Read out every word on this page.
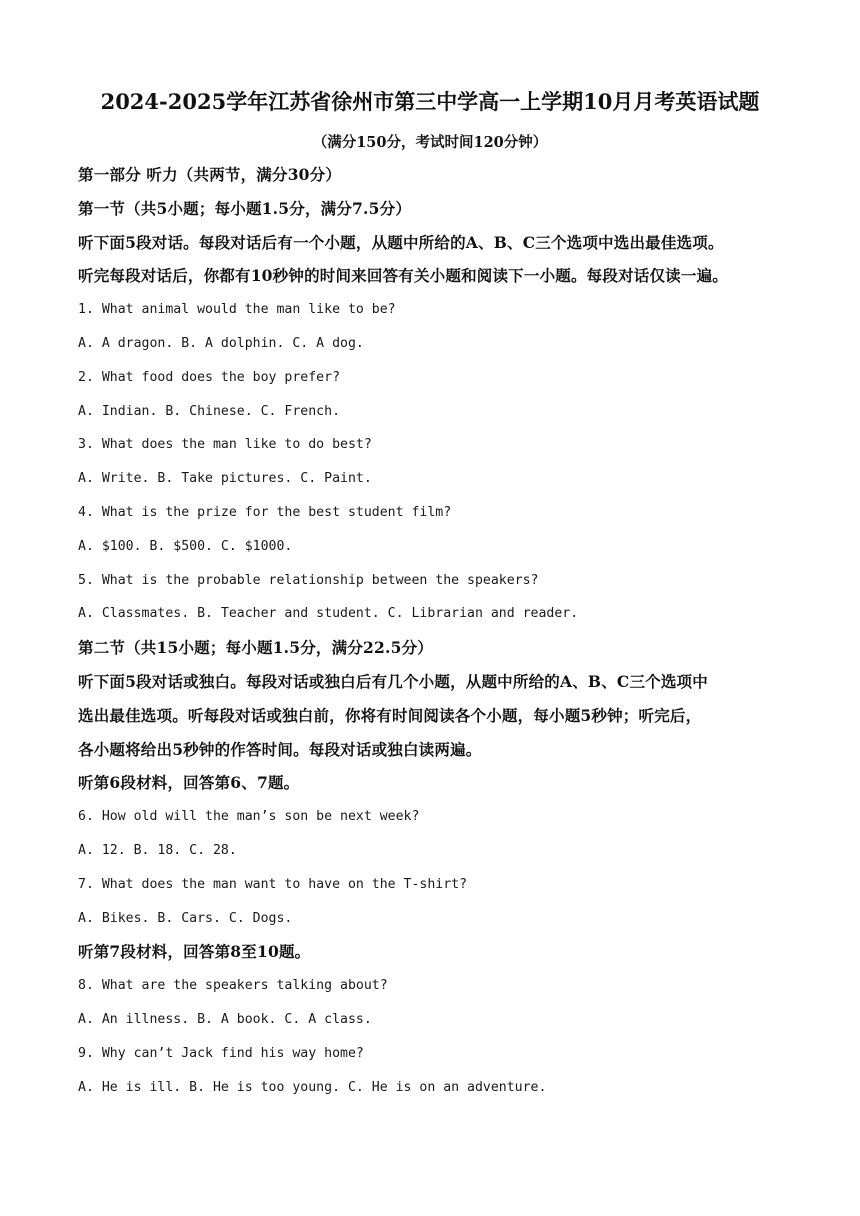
2024-2025学年江苏省徐州市第三中学高一上学期10月月考英语试题
（满分150分，考试时间120分钟）
第一部分 听力（共两节，满分30分）
第一节（共5小题；每小题1.5分，满分7.5分）
听下面5段对话。每段对话后有一个小题，从题中所给的A、B、C三个选项中选出最佳选项。
听完每段对话后，你都有10秒钟的时间来回答有关小题和阅读下一小题。每段对话仅读一遍。
1. What animal would the man like to be?
A. A dragon. B. A dolphin. C. A dog.
2. What food does the boy prefer?
A. Indian. B. Chinese. C. French.
3. What does the man like to do best?
A. Write. B. Take pictures. C. Paint.
4. What is the prize for the best student film?
A. $100. B. $500. C. $1000.
5. What is the probable relationship between the speakers?
A. Classmates. B. Teacher and student. C. Librarian and reader.
第二节（共15小题；每小题1.5分，满分22.5分）
听下面5段对话或独白。每段对话或独白后有几个小题，从题中所给的A、B、C三个选项中
选出最佳选项。听每段对话或独白前，你将有时间阅读各个小题，每小题5秒钟；听完后，
各小题将给出5秒钟的作答时间。每段对话或独白读两遍。
听第6段材料，回答第6、7题。
6. How old will the man’s son be next week?
A. 12. B. 18. C. 28.
7. What does the man want to have on the T-shirt?
A. Bikes. B. Cars. C. Dogs.
听第7段材料，回答第8至10题。
8. What are the speakers talking about?
A. An illness. B. A book. C. A class.
9. Why can’t Jack find his way home?
A. He is ill. B. He is too young. C. He is on an adventure.
